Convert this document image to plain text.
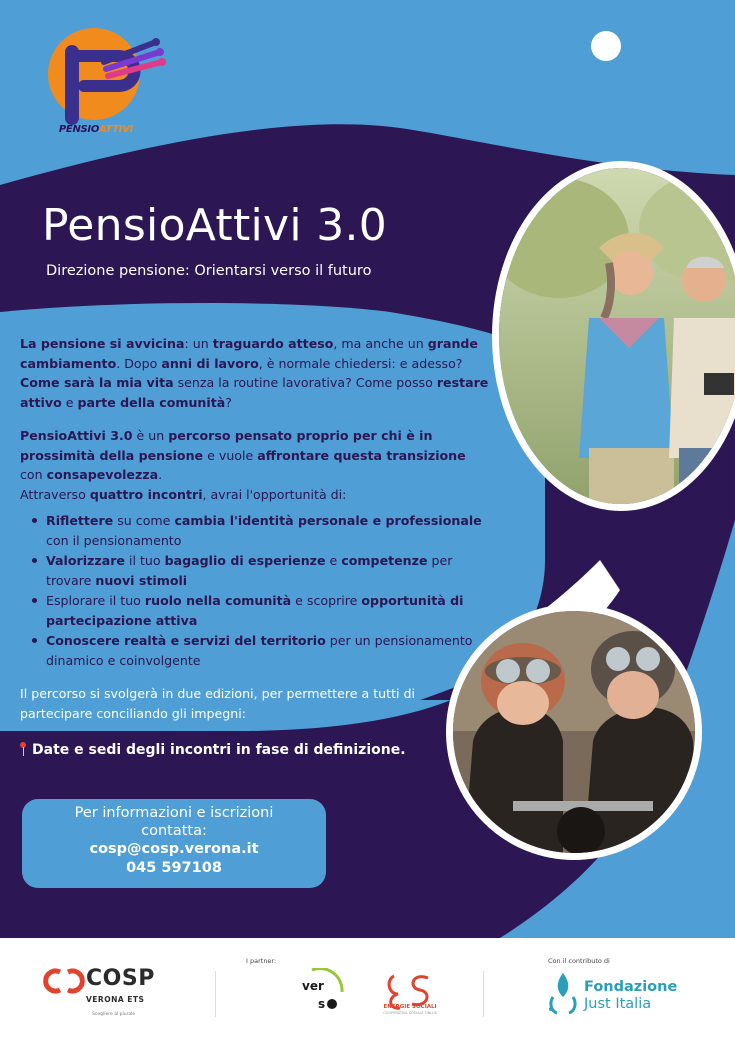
PENSIOATTIVI
PensioAttivi 3.0
Direzione pensione: Orientarsi verso il futuro

La pensione si avvicina: un traguardo atteso, ma anche un grande cambiamento. Dopo anni di lavoro, è normale chiedersi: e adesso? Come sarà la mia vita senza la routine lavorativa? Come posso restare attivo e parte della comunità?

PensioAttivi 3.0 è un percorso pensato proprio per chi è in prossimità della pensione e vuole affrontare questa transizione con consapevolezza.

Attraverso quattro incontri, avrai l'opportunità di:

Riflettere su come cambia l'identità personale e professionale con il pensionamento
Valorizzare il tuo bagaglio di esperienze e competenze per trovare nuovi stimoli
Esplorare il tuo ruolo nella comunità e scoprire opportunità di partecipazione attiva
Conoscere realtà e servizi del territorio per un pensionamento dinamico e coinvolgente
Il percorso si svolgerà in due edizioni, per permettere a tutti di partecipare conciliando gli impegni:
Date e sedi degli incontri in fase di definizione.
Per informazioni e iscrizioni
contatta:
cosp@cosp.verona.it
045 597108
COSP
VERONA ETS
Scegliere al plurale
I partner:
ver
s	ENERGIE SOCIALI
COOPERATIVA SOCIALE ONLUS
Con il contributo di
Fondazione
Just Italia
